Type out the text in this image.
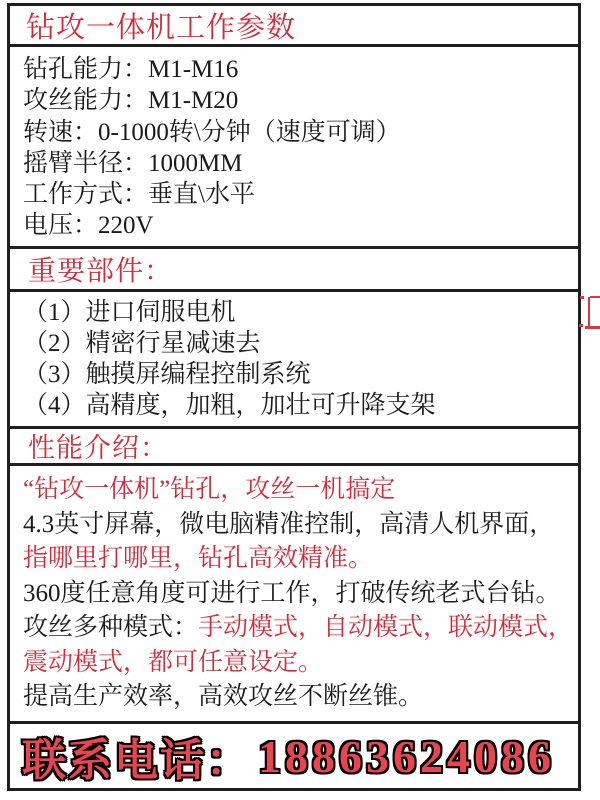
钻攻一体机工作参数
钻孔能力：M1-M16
攻丝能力：M1-M20
转速：0-1000转\分钟（速度可调）
摇臂半径：1000MM
工作方式：垂直\水平
电压：220V
重要部件：
（1）进口伺服电机
（2）精密行星减速去
（3）触摸屏编程控制系统
（4）高精度，加粗，加壮可升降支架
性能介绍：
“钻攻一体机”钻孔，攻丝一机搞定
4.3英寸屏幕，微电脑精准控制，高清人机界面，
指哪里打哪里，钻孔高效精准。
360度任意角度可进行工作，打破传统老式台钻。
攻丝多种模式：手动模式，自动模式，联动模式，
震动模式，都可任意设定。
提高生产效率，高效攻丝不断丝锥。
联系电话： 18863624086
